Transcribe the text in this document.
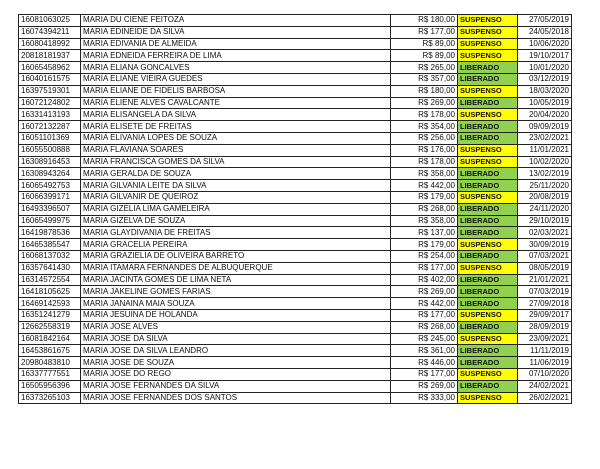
16081063025	MARIA DU CIENE FEITOZA	R$ 180,00	SUSPENSO	27/05/2019
16074394211	MARIA EDINEIDE DA SILVA	R$ 177,00	SUSPENSO	24/05/2018
16080418992	MARIA EDIVANIA DE ALMEIDA	R$ 89,00	SUSPENSO	10/06/2020
20818181937	MARIA EDNEIDA FERREIRA DE LIMA	R$ 89,00	SUSPENSO	19/10/2017
16065458962	MARIA ELIANA GONCALVES	R$ 265,00	LIBERADO	10/01/2020
16040161575	MARIA ELIANE VIEIRA GUEDES	R$ 357,00	LIBERADO	03/12/2019
16397519301	MARIA ELIANE DE FIDELIS BARBOSA	R$ 180,00	SUSPENSO	18/03/2020
16072124802	MARIA ELIENE ALVES CAVALCANTE	R$ 269,00	LIBERADO	10/05/2019
16331413193	MARIA ELISANGELA DA SILVA	R$ 178,00	SUSPENSO	20/04/2020
16072132287	MARIA ELISETE DE FREITAS	R$ 354,00	LIBERADO	09/09/2019
16051101369	MARIA ELIVANIA LOPES DE SOUZA	R$ 256,00	LIBERADO	23/02/2021
16055500888	MARIA FLAVIANA SOARES	R$ 176,00	SUSPENSO	11/01/2021
16308916453	MARIA FRANCISCA GOMES DA SILVA	R$ 178,00	SUSPENSO	10/02/2020
16308943264	MARIA GERALDA DE SOUZA	R$ 358,00	LIBERADO	13/02/2019
16065492753	MARIA GILVANIA LEITE DA SILVA	R$ 442,00	LIBERADO	25/11/2020
16066399171	MARIA GILVANIR DE QUEIROZ	R$ 179,00	SUSPENSO	20/08/2019
16493396507	MARIA GIZELIA LIMA GAMELEIRA	R$ 268,00	LIBERADO	24/11/2020
16065499975	MARIA GIZELVA DE SOUZA	R$ 358,00	LIBERADO	29/10/2019
16419878536	MARIA GLAYDIVANIA DE FREITAS	R$ 137,00	LIBERADO	02/03/2021
16465385547	MARIA GRACELIA PEREIRA	R$ 179,00	SUSPENSO	30/09/2019
16068137032	MARIA GRAZIELIA DE OLIVEIRA BARRETO	R$ 254,00	LIBERADO	07/03/2021
16357641430	MARIA ITAMARA FERNANDES DE ALBUQUERQUE	R$ 177,00	SUSPENSO	08/05/2019
16314572554	MARIA JACINTA GOMES DE LIMA NETA	R$ 402,00	LIBERADO	21/01/2021
16418105625	MARIA JAKELINE GOMES FARIAS	R$ 269,00	LIBERADO	07/03/2019
16469142593	MARIA JANAINA MAIA SOUZA	R$ 442,00	LIBERADO	27/09/2018
16351241279	MARIA JESUINA DE HOLANDA	R$ 177,00	SUSPENSO	29/09/2017
12662558319	MARIA JOSE ALVES	R$ 268,00	LIBERADO	28/09/2019
16081842164	MARIA JOSE DA SILVA	R$ 245,00	SUSPENSO	23/09/2021
16453861675	MARIA JOSE DA SILVA LEANDRO	R$ 361,00	LIBERADO	11/11/2019
20980483810	MARIA JOSE DE SOUZA	R$ 446,00	LIBERADO	11/06/2019
16337777551	MARIA JOSE DO REGO	R$ 177,00	SUSPENSO	07/10/2020
16505956396	MARIA JOSE FERNANDES DA SILVA	R$ 269,00	LIBERADO	24/02/2021
16373265103	MARIA JOSE FERNANDES DOS SANTOS	R$ 333,00	SUSPENSO	26/02/2021
